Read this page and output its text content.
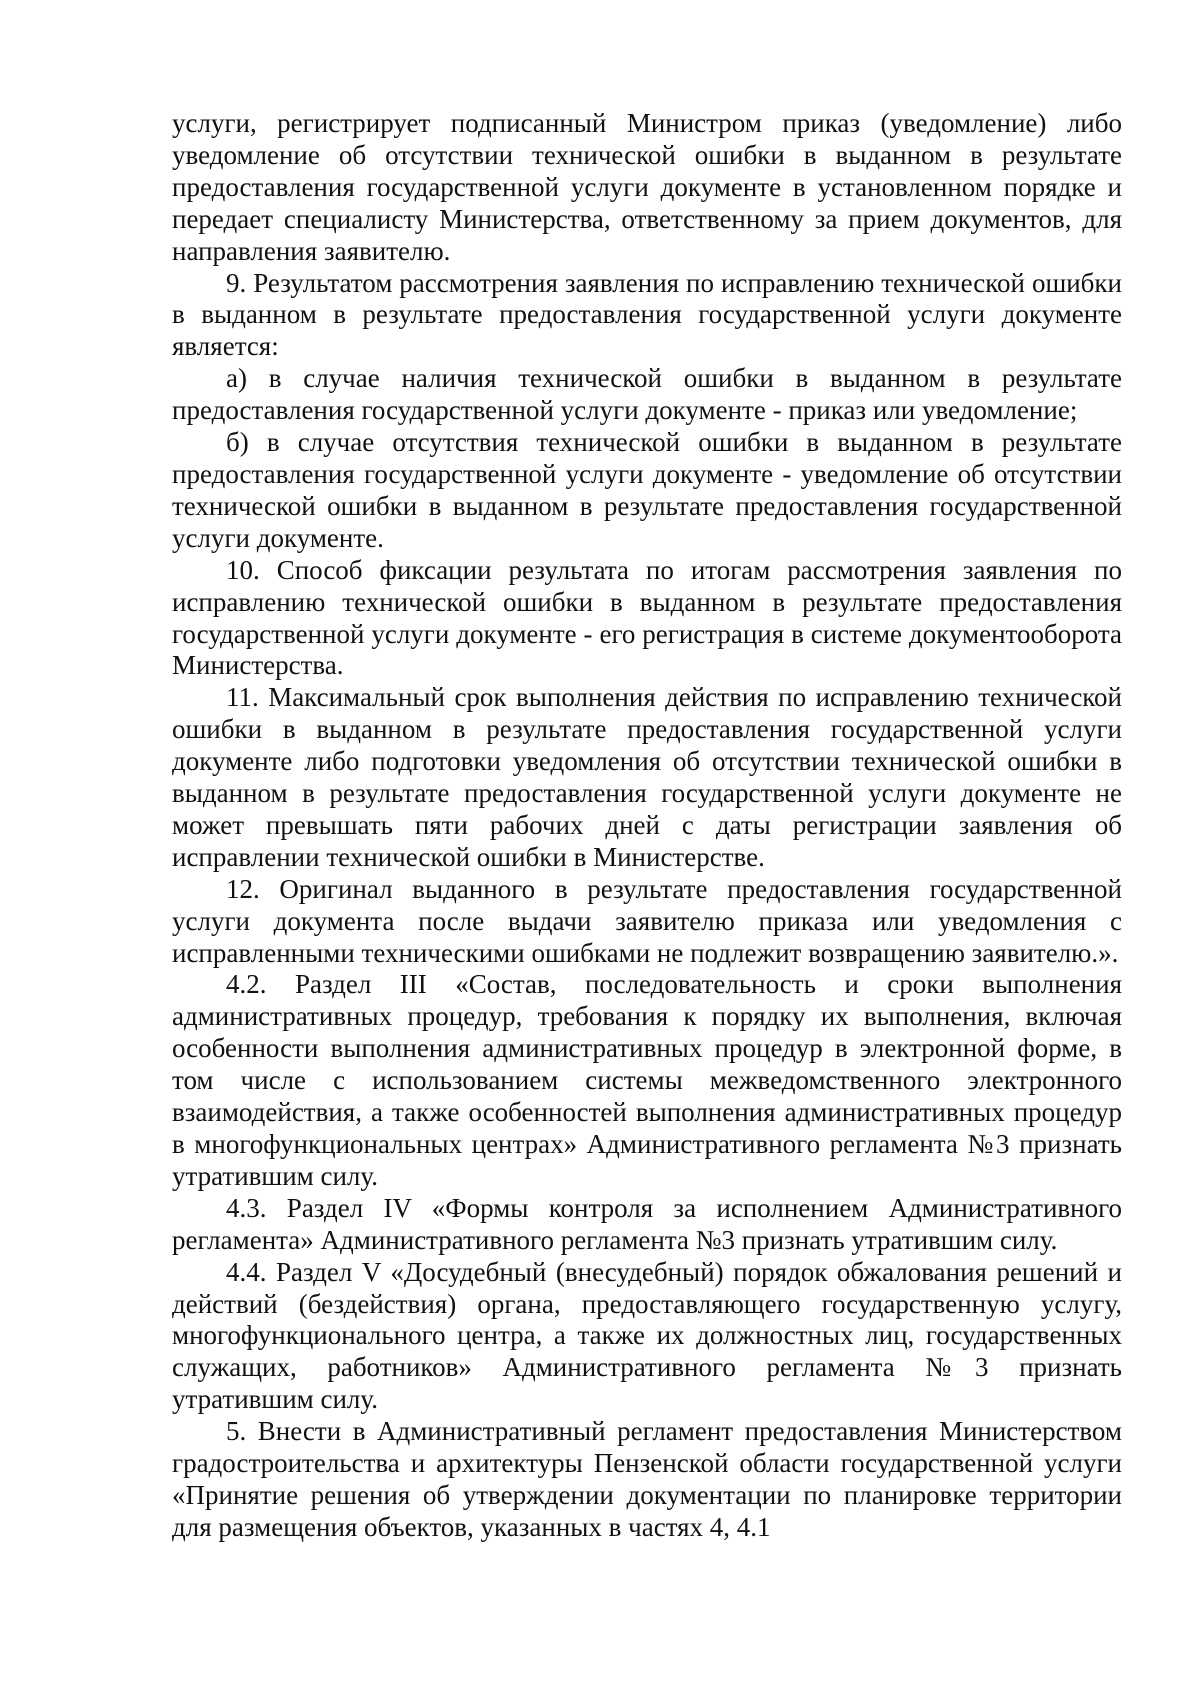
услуги, регистрирует подписанный Министром приказ (уведомление) либо уведомление об отсутствии технической ошибки в выданном в результате предоставления государственной услуги документе в установленном порядке и передает специалисту Министерства, ответственному за прием документов, для направления заявителю.

9. Результатом рассмотрения заявления по исправлению технической ошибки в выданном в результате предоставления государственной услуги документе является:

а) в случае наличия технической ошибки в выданном в результате предоставления государственной услуги документе - приказ или уведомление;

б) в случае отсутствия технической ошибки в выданном в результате предоставления государственной услуги документе - уведомление об отсутствии технической ошибки в выданном в результате предоставления государственной услуги документе.

10. Способ фиксации результата по итогам рассмотрения заявления по исправлению технической ошибки в выданном в результате предоставления государственной услуги документе - его регистрация в системе документооборота Министерства.

11. Максимальный срок выполнения действия по исправлению технической ошибки в выданном в результате предоставления государственной услуги документе либо подготовки уведомления об отсутствии технической ошибки в выданном в результате предоставления государственной услуги документе не может превышать пяти рабочих дней с даты регистрации заявления об исправлении технической ошибки в Министерстве.

12. Оригинал выданного в результате предоставления государственной услуги документа после выдачи заявителю приказа или уведомления с исправленными техническими ошибками не подлежит возвращению заявителю.».

4.2. Раздел III «Состав, последовательность и сроки выполнения административных процедур, требования к порядку их выполнения, включая особенности выполнения административных процедур в электронной форме, в том числе с использованием системы межведомственного электронного взаимодействия, а также особенностей выполнения административных процедур в многофункциональных центрах» Административного регламента №3 признать утратившим силу.

4.3. Раздел IV «Формы контроля за исполнением Административного регламента» Административного регламента №3 признать утратившим силу.

4.4. Раздел V «Досудебный (внесудебный) порядок обжалования решений и действий (бездействия) органа, предоставляющего государственную услугу, многофункционального центра, а также их должностных лиц, государственных служащих, работников» Административного регламента №3 признать утратившим силу.

5. Внести в Административный регламент предоставления Министерством градостроительства и архитектуры Пензенской области государственной услуги «Принятие решения об утверждении документации по планировке территории для размещения объектов, указанных в частях 4, 4.1
